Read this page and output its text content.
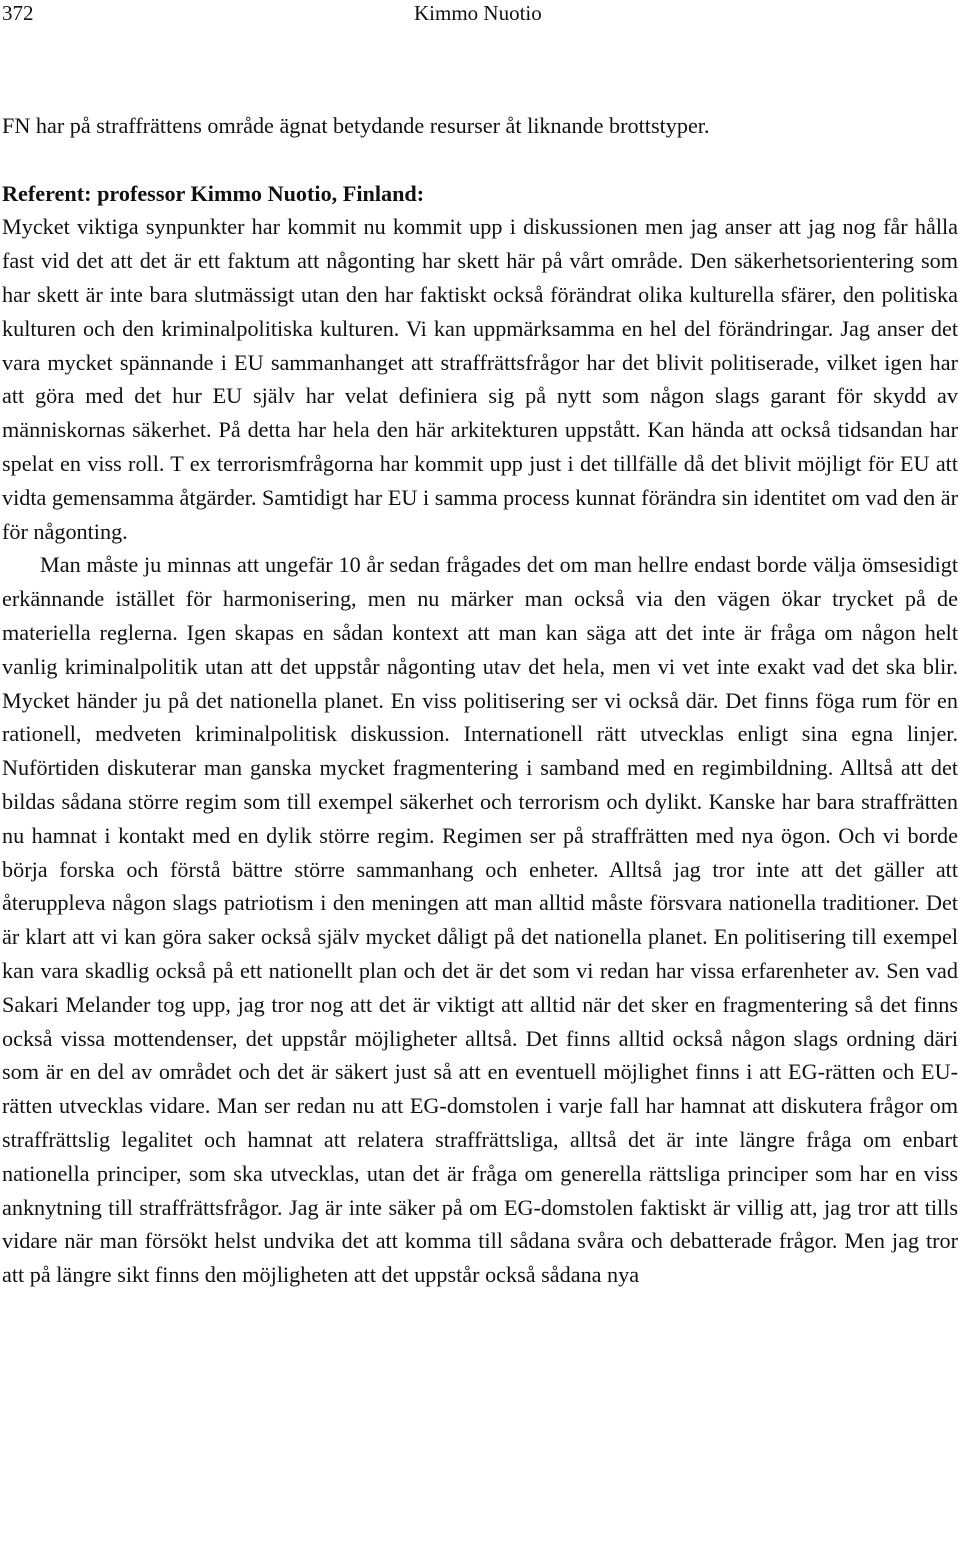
372	Kimmo Nuotio

FN har på straffrättens område ägnat betydande resurser åt liknande brottstyper.

Referent: professor Kimmo Nuotio, Finland:
Mycket viktiga synpunkter har kommit nu kommit upp i diskussionen men jag anser att jag nog får hålla fast vid det att det är ett faktum att någonting har skett här på vårt område. Den säkerhetsorientering som har skett är inte bara slutmässigt utan den har faktiskt också förändrat olika kulturella sfärer, den politiska kulturen och den kriminalpolitiska kulturen. Vi kan uppmärksamma en hel del förändringar. Jag anser det vara mycket spännande i EU sammanhanget att straffrättsfrågor har det blivit politiserade, vilket igen har att göra med det hur EU själv har velat definiera sig på nytt som någon slags garant för skydd av människornas säkerhet. På detta har hela den här arkitekturen uppstått. Kan hända att också tidsandan har spelat en viss roll. T ex terrorismfrågorna har kommit upp just i det tillfälle då det blivit möjligt för EU att vidta gemensamma åtgärder. Samtidigt har EU i samma process kunnat förändra sin identitet om vad den är för någonting.

Man måste ju minnas att ungefär 10 år sedan frågades det om man hellre endast borde välja ömsesidigt erkännande istället för harmonisering, men nu märker man också via den vägen ökar trycket på de materiella reglerna. Igen skapas en sådan kontext att man kan säga att det inte är fråga om någon helt vanlig kriminalpolitik utan att det uppstår någonting utav det hela, men vi vet inte exakt vad det ska blir. Mycket händer ju på det nationella planet. En viss politisering ser vi också där. Det finns föga rum för en rationell, medveten kriminalpolitisk diskussion. Internationell rätt utvecklas enligt sina egna linjer. Nuförtiden diskuterar man ganska mycket fragmentering i samband med en regimbildning. Alltså att det bildas sådana större regim som till exempel säkerhet och terrorism och dylikt. Kanske har bara straffrätten nu hamnat i kontakt med en dylik större regim. Regimen ser på straffrätten med nya ögon. Och vi borde börja forska och förstå bättre större sammanhang och enheter. Alltså jag tror inte att det gäller att återuppleva någon slags patriotism i den meningen att man alltid måste försvara nationella traditioner. Det är klart att vi kan göra saker också själv mycket dåligt på det nationella planet. En politisering till exempel kan vara skadlig också på ett nationellt plan och det är det som vi redan har vissa erfarenheter av. Sen vad Sakari Melander tog upp, jag tror nog att det är viktigt att alltid när det sker en fragmentering så det finns också vissa mottendenser, det uppstår möjligheter alltså. Det finns alltid också någon slags ordning däri som är en del av området och det är säkert just så att en eventuell möjlighet finns i att EG-rätten och EU-rätten utvecklas vidare. Man ser redan nu att EG-domstolen i varje fall har hamnat att diskutera frågor om straffrättslig legalitet och hamnat att relatera straffrättsliga, alltså det är inte längre fråga om enbart nationella principer, som ska utvecklas, utan det är fråga om generella rättsliga principer som har en viss anknytning till straffrättsfrågor. Jag är inte säker på om EG-domstolen faktiskt är villig att, jag tror att tills vidare när man försökt helst undvika det att komma till sådana svåra och debatterade frågor. Men jag tror att på längre sikt finns den möjligheten att det uppstår också sådana nya
